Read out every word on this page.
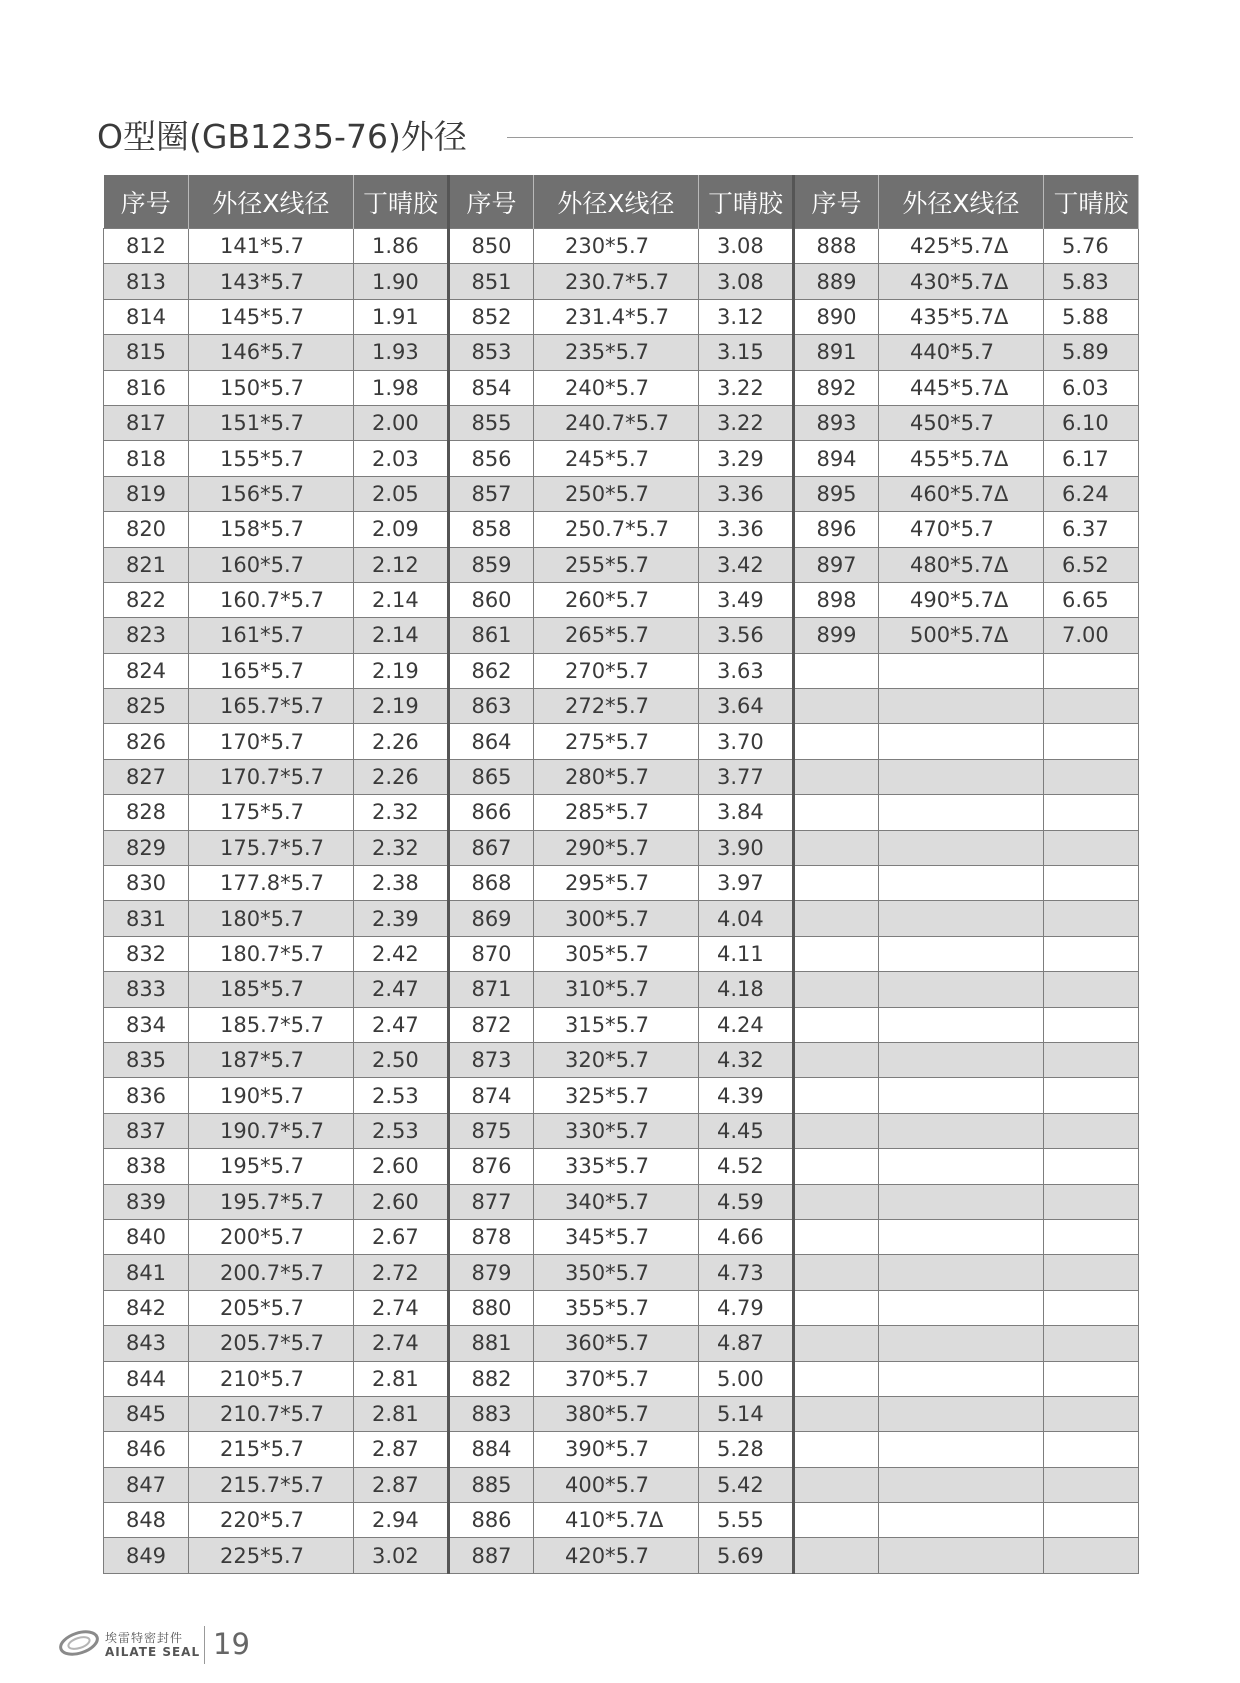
O型圈(GB1235-76)外径
序号	外径X线径	丁晴胶	序号	外径X线径	丁晴胶	序号	外径X线径	丁晴胶
812	141*5.7	1.86	850	230*5.7	3.08	888	425*5.7Δ	5.76
813	143*5.7	1.90	851	230.7*5.7	3.08	889	430*5.7Δ	5.83
814	145*5.7	1.91	852	231.4*5.7	3.12	890	435*5.7Δ	5.88
815	146*5.7	1.93	853	235*5.7	3.15	891	440*5.7	5.89
816	150*5.7	1.98	854	240*5.7	3.22	892	445*5.7Δ	6.03
817	151*5.7	2.00	855	240.7*5.7	3.22	893	450*5.7	6.10
818	155*5.7	2.03	856	245*5.7	3.29	894	455*5.7Δ	6.17
819	156*5.7	2.05	857	250*5.7	3.36	895	460*5.7Δ	6.24
820	158*5.7	2.09	858	250.7*5.7	3.36	896	470*5.7	6.37
821	160*5.7	2.12	859	255*5.7	3.42	897	480*5.7Δ	6.52
822	160.7*5.7	2.14	860	260*5.7	3.49	898	490*5.7Δ	6.65
823	161*5.7	2.14	861	265*5.7	3.56	899	500*5.7Δ	7.00
824	165*5.7	2.19	862	270*5.7	3.63			
825	165.7*5.7	2.19	863	272*5.7	3.64			
826	170*5.7	2.26	864	275*5.7	3.70			
827	170.7*5.7	2.26	865	280*5.7	3.77			
828	175*5.7	2.32	866	285*5.7	3.84			
829	175.7*5.7	2.32	867	290*5.7	3.90			
830	177.8*5.7	2.38	868	295*5.7	3.97			
831	180*5.7	2.39	869	300*5.7	4.04			
832	180.7*5.7	2.42	870	305*5.7	4.11			
833	185*5.7	2.47	871	310*5.7	4.18			
834	185.7*5.7	2.47	872	315*5.7	4.24			
835	187*5.7	2.50	873	320*5.7	4.32			
836	190*5.7	2.53	874	325*5.7	4.39			
837	190.7*5.7	2.53	875	330*5.7	4.45			
838	195*5.7	2.60	876	335*5.7	4.52			
839	195.7*5.7	2.60	877	340*5.7	4.59			
840	200*5.7	2.67	878	345*5.7	4.66			
841	200.7*5.7	2.72	879	350*5.7	4.73			
842	205*5.7	2.74	880	355*5.7	4.79			
843	205.7*5.7	2.74	881	360*5.7	4.87			
844	210*5.7	2.81	882	370*5.7	5.00			
845	210.7*5.7	2.81	883	380*5.7	5.14			
846	215*5.7	2.87	884	390*5.7	5.28			
847	215.7*5.7	2.87	885	400*5.7	5.42			
848	220*5.7	2.94	886	410*5.7Δ	5.55			
849	225*5.7	3.02	887	420*5.7	5.69			
埃雷特密封件
AILATE SEAL 19
